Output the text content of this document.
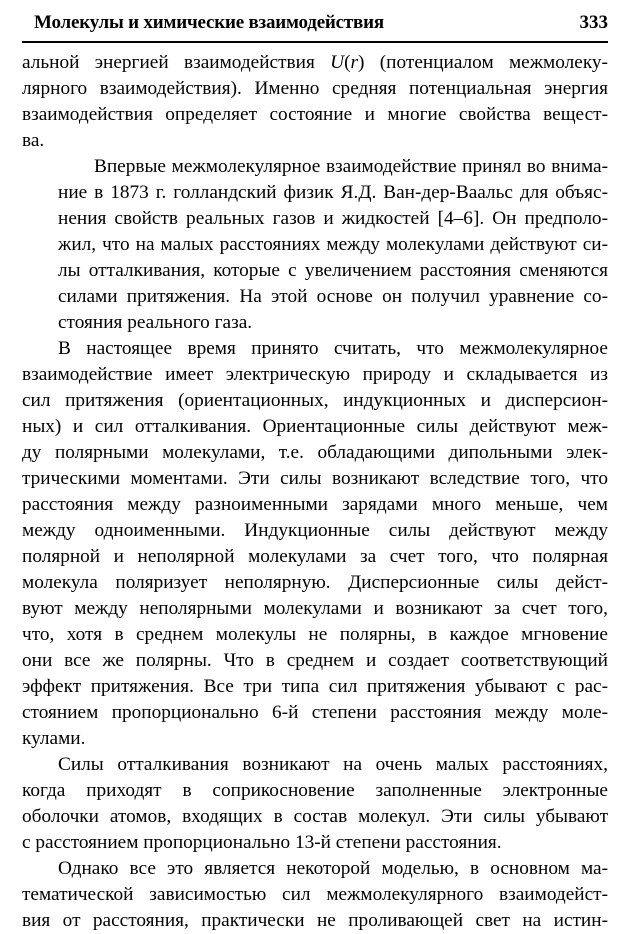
Молекулы и химические взаимодействия	333

альной энергией взаимодействия U(r) (потенциалом межмолеку-
лярного взаимодействия). Именно средняя потенциальная энергия
взаимодействия определяет состояние и многие свойства вещест-
ва.

Впервые межмолекулярное взаимодействие принял во внима-
ние в 1873 г. голландский физик Я.Д. Ван-дер-Ваальс для объяс-
нения свойств реальных газов и жидкостей [4–6]. Он предполо-
жил, что на малых расстояниях между молекулами действуют си-
лы отталкивания, которые с увеличением расстояния сменяются
силами притяжения. На этой основе он получил уравнение со-
стояния реального газа.

В настоящее время принято считать, что межмолекулярное
взаимодействие имеет электрическую природу и складывается из
сил притяжения (ориентационных, индукционных и дисперсион-
ных) и сил отталкивания. Ориентационные силы действуют меж-
ду полярными молекулами, т.е. обладающими дипольными элек-
трическими моментами. Эти силы возникают вследствие того, что
расстояния между разноименными зарядами много меньше, чем
между одноименными. Индукционные силы действуют между
полярной и неполярной молекулами за счет того, что полярная
молекула поляризует неполярную. Дисперсионные силы дейст-
вуют между неполярными молекулами и возникают за счет того,
что, хотя в среднем молекулы не полярны, в каждое мгновение
они все же полярны. Что в среднем и создает соответствующий
эффект притяжения. Все три типа сил притяжения убывают с рас-
стоянием пропорционально 6-й степени расстояния между моле-
кулами.

Силы отталкивания возникают на очень малых расстояниях,
когда приходят в соприкосновение заполненные электронные
оболочки атомов, входящих в состав молекул. Эти силы убывают
с расстоянием пропорционально 13-й степени расстояния.

Однако все это является некоторой моделью, в основном ма-
тематической зависимостью сил межмолекулярного взаимодейст-
вия от расстояния, практически не проливающей свет на истин-
